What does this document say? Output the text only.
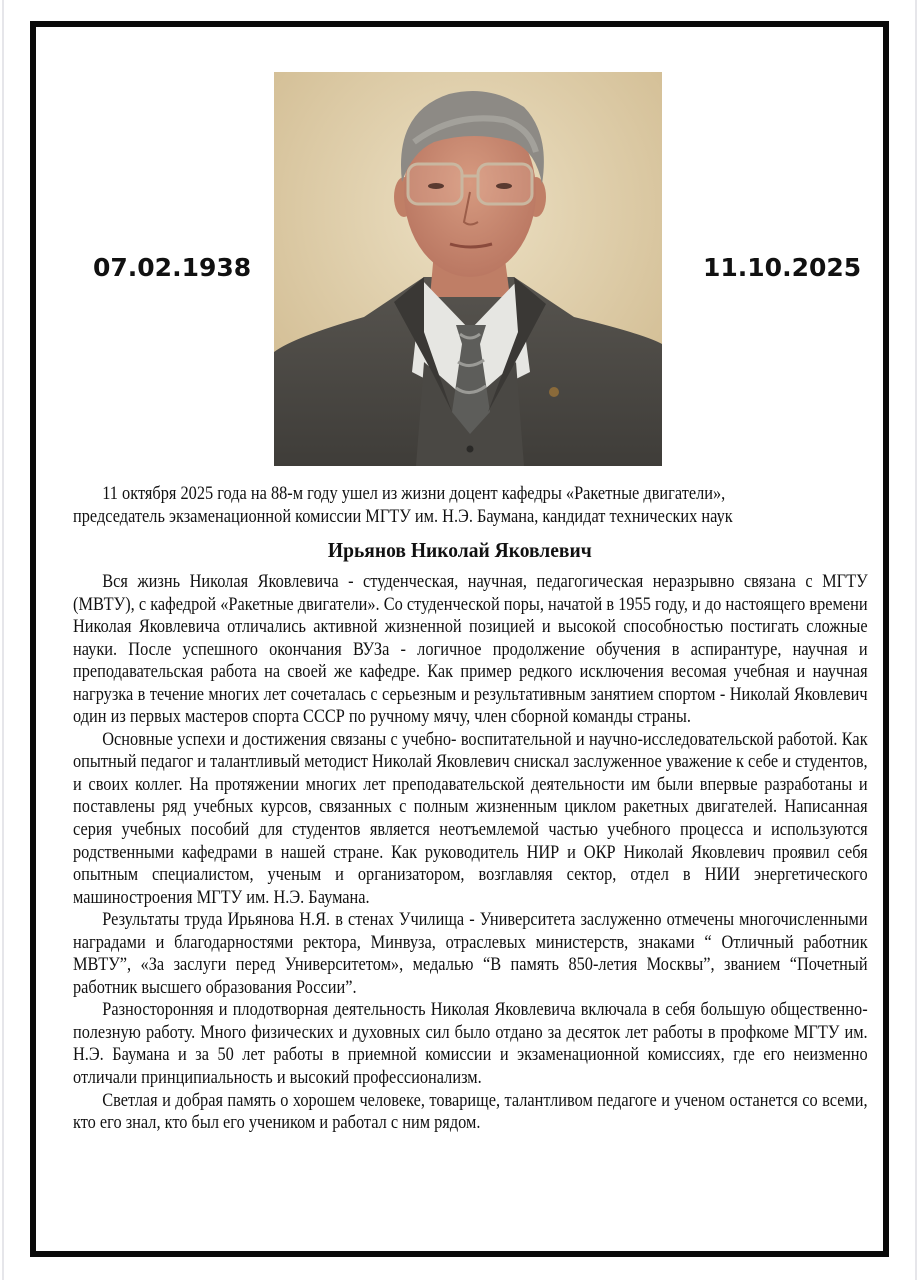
07.02.1938	11.10.2025

11 октября 2025 года на 88-м году ушел из жизни доцент кафедры «Ракетные двигатели»,

председатель экзаменационной комиссии МГТУ им. Н.Э. Баумана, кандидат технических наук

Ирьянов Николай Яковлевич

Вся жизнь Николая Яковлевича - студенческая, научная, педагогическая неразрывно связана с МГТУ (МВТУ), с кафедрой «Ракетные двигатели». Со студенческой поры, начатой в 1955 году, и до настоящего времени Николая Яковлевича отличались активной жизненной позицией и высокой способностью постигать сложные науки. После успешного окончания ВУЗа - логичное продолжение обучения в аспирантуре, научная и преподавательская работа на своей же кафедре. Как пример редкого исключения весомая учебная и научная нагрузка в течение многих лет сочеталась с серьезным и результативным занятием спортом - Николай Яковлевич один из первых мастеров спорта СССР по ручному мячу, член сборной команды страны.

Основные успехи и достижения связаны с учебно- воспитательной и научно-исследовательской работой. Как опытный педагог и талантливый методист Николай Яковлевич снискал заслуженное уважение к себе и студентов, и своих коллег. На протяжении многих лет преподавательской деятельности им были впервые разработаны и поставлены ряд учебных курсов, связанных с полным жизненным циклом ракетных двигателей. Написанная серия учебных пособий для студентов является неотъемлемой частью учебного процесса и используются родственными кафедрами в нашей стране. Как руководитель НИР и ОКР Николай Яковлевич проявил себя опытным специалистом, ученым и организатором, возглавляя сектор, отдел в НИИ энергетического машиностроения МГТУ им. Н.Э. Баумана.

Результаты труда Ирьянова Н.Я. в стенах Училища - Университета заслуженно отмечены многочисленными наградами и благодарностями ректора, Минвуза, отраслевых министерств, знаками “ Отличный работник МВТУ”, «За заслуги перед Университетом», медалью “В память 850-летия Москвы”, званием “Почетный работник высшего образования России”.

Разносторонняя и плодотворная деятельность Николая Яковлевича включала в себя большую общественно-полезную работу. Много физических и духовных сил было отдано за десяток лет работы в профкоме МГТУ им. Н.Э. Баумана и за 50 лет работы в приемной комиссии и экзаменационной комиссиях, где его неизменно отличали принципиальность и высокий профессионализм.

Светлая и добрая память о хорошем человеке, товарище, талантливом педагоге и ученом останется со всеми, кто его знал, кто был его учеником и работал с ним рядом.
